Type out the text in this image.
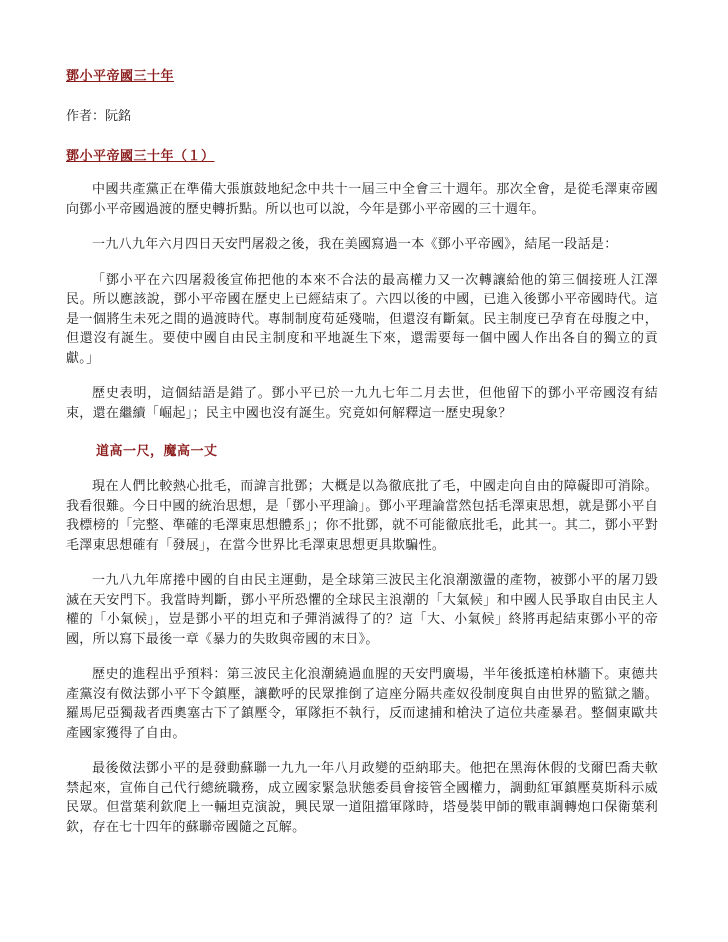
鄧小平帝國三十年

作者：阮銘

鄧小平帝國三十年（１）

中國共產黨正在準備大張旗鼓地紀念中共十一屆三中全會三十週年。那次全會，是從毛澤東帝國向鄧小平帝國過渡的歷史轉折點。所以也可以說，今年是鄧小平帝國的三十週年。

一九八九年六月四日天安門屠殺之後，我在美國寫過一本《鄧小平帝國》，結尾一段話是：

「鄧小平在六四屠殺後宣佈把他的本來不合法的最高權力又一次轉讓給他的第三個接班人江澤民。所以應該說，鄧小平帝國在歷史上已經結束了。六四以後的中國，已進入後鄧小平帝國時代。這是一個將生未死之間的過渡時代。專制制度苟延殘喘，但還沒有斷氣。民主制度已孕育在母腹之中，但還沒有誕生。要使中國自由民主制度和平地誕生下來，還需要每一個中國人作出各自的獨立的貢獻。」

歷史表明，這個結語是錯了。鄧小平已於一九九七年二月去世，但他留下的鄧小平帝國沒有結束，還在繼續「崛起」；民主中國也沒有誕生。究竟如何解釋這一歷史現象？

道高一尺，魔高一丈

現在人們比較熱心批毛，而諱言批鄧；大概是以為徹底批了毛，中國走向自由的障礙即可消除。我看很難。今日中國的統治思想，是「鄧小平理論」。鄧小平理論當然包括毛澤東思想，就是鄧小平自我標榜的「完整、準確的毛澤東思想體系」；你不批鄧，就不可能徹底批毛，此其一。其二，鄧小平對毛澤東思想確有「發展」，在當今世界比毛澤東思想更具欺騙性。

一九八九年席捲中國的自由民主運動，是全球第三波民主化浪潮激盪的產物，被鄧小平的屠刀毀滅在天安門下。我當時判斷，鄧小平所恐懼的全球民主浪潮的「大氣候」和中國人民爭取自由民主人權的「小氣候」，豈是鄧小平的坦克和子彈消滅得了的？這「大、小氣候」終將再起結束鄧小平的帝國，所以寫下最後一章《暴力的失敗與帝國的末日》。

歷史的進程出乎預料：第三波民主化浪潮繞過血腥的天安門廣場，半年後抵達柏林牆下。東德共產黨沒有傚法鄧小平下令鎮壓，讓歡呼的民眾推倒了這座分隔共產奴役制度與自由世界的監獄之牆。羅馬尼亞獨裁者西奧塞古下了鎮壓令，軍隊拒不執行，反而逮捕和槍決了這位共產暴君。整個東歐共產國家獲得了自由。

最後傚法鄧小平的是發動蘇聯一九九一年八月政變的亞納耶夫。他把在黑海休假的戈爾巴喬夫軟禁起來，宣佈自己代行總統職務，成立國家緊急狀態委員會接管全國權力，調動紅軍鎮壓莫斯科示威民眾。但當葉利欽爬上一輛坦克演說，興民眾一道阻擋軍隊時，塔曼裝甲師的戰車調轉炮口保衛葉利欽，存在七十四年的蘇聯帝國隨之瓦解。
